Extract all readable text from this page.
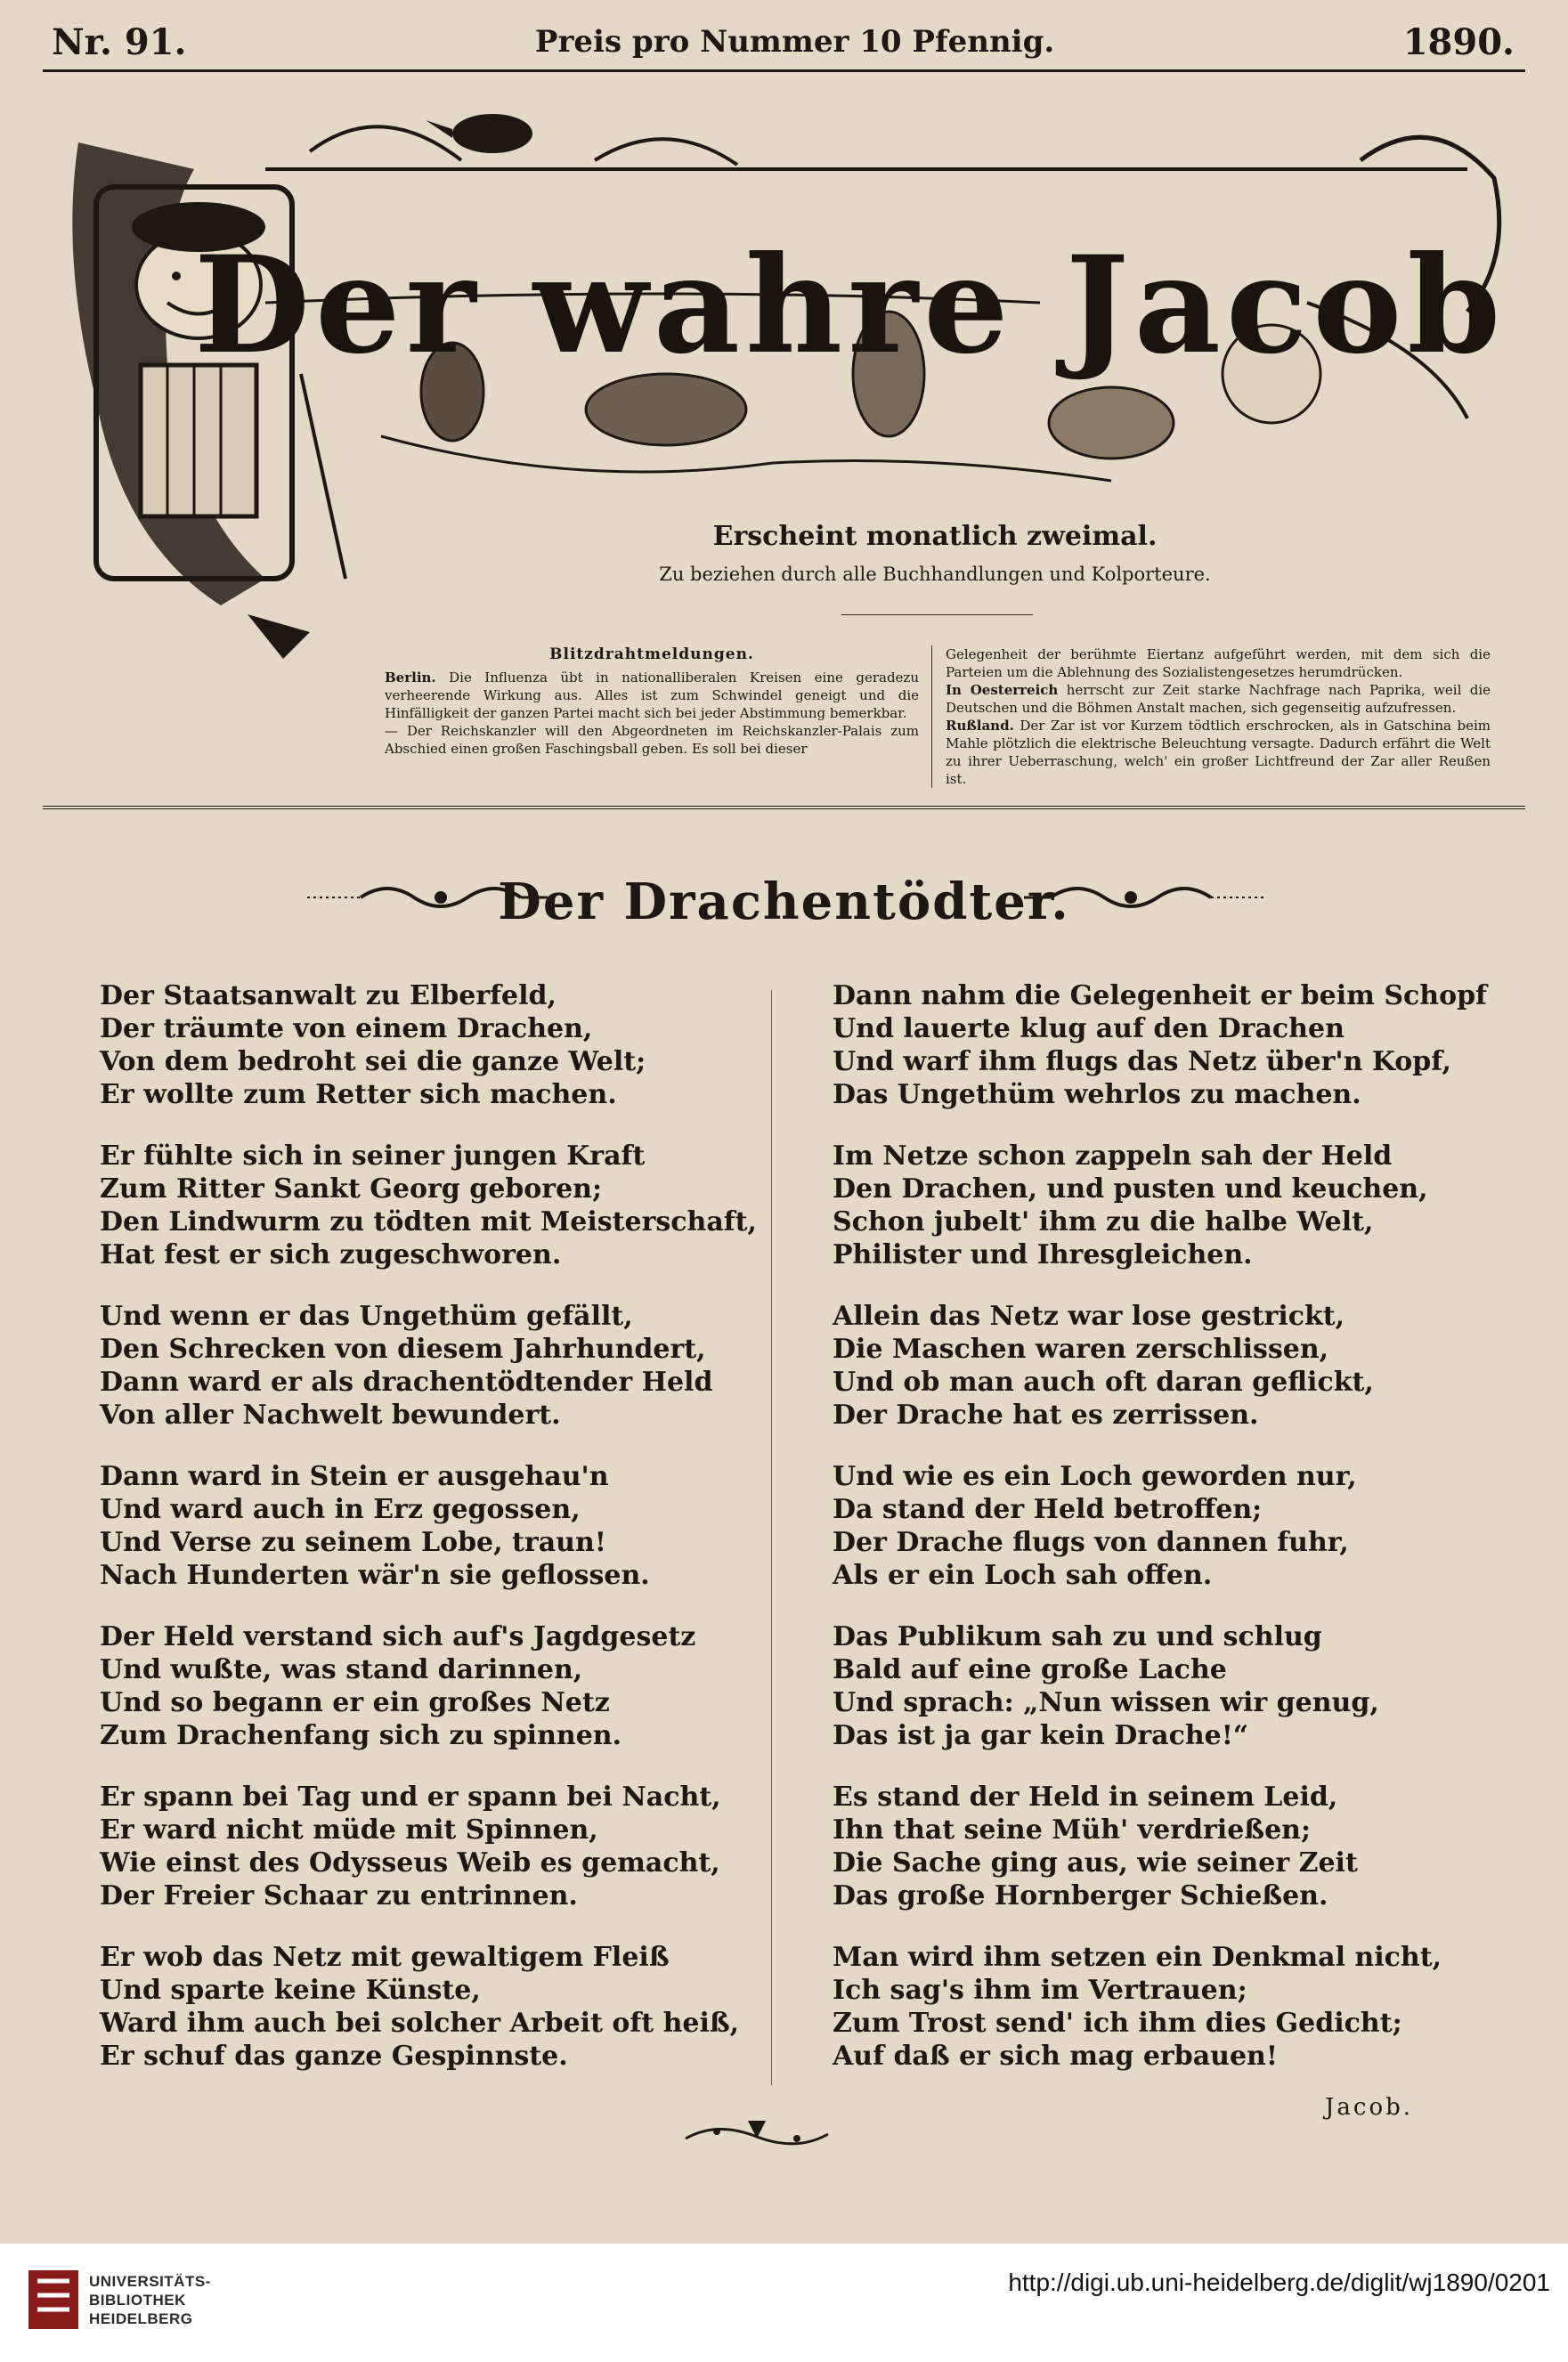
Nr. 91.	Preis pro Nummer 10 Pfennig.	1890.
Der wahre Jacob
Erscheint monatlich zweimal.
Zu beziehen durch alle Buchhandlungen und Kolporteure.
Blitzdrahtmeldungen.

Berlin. Die Influenza übt in nationalliberalen Kreisen eine geradezu verheerende Wirkung aus. Alles ist zum Schwindel geneigt und die Hinfälligkeit der ganzen Partei macht sich bei jeder Abstimmung bemerkbar.

— Der Reichskanzler will den Abgeordneten im Reichskanzler-Palais zum Abschied einen großen Faschingsball geben. Es soll bei dieser

Gelegenheit der berühmte Eiertanz aufgeführt werden, mit dem sich die Parteien um die Ablehnung des Sozialistengesetzes herumdrücken.

In Oesterreich herrscht zur Zeit starke Nachfrage nach Paprika, weil die Deutschen und die Böhmen Anstalt machen, sich gegenseitig aufzufressen.

Rußland. Der Zar ist vor Kurzem tödtlich erschrocken, als in Gatschina beim Mahle plötzlich die elektrische Beleuchtung versagte. Dadurch erfährt die Welt zu ihrer Ueberraschung, welch' ein großer Lichtfreund der Zar aller Reußen ist.

Der Drachentödter.
Der Staatsanwalt zu Elberfeld,
Der träumte von einem Drachen,
Von dem bedroht sei die ganze Welt;
Er wollte zum Retter sich machen.
Er fühlte sich in seiner jungen Kraft
Zum Ritter Sankt Georg geboren;
Den Lindwurm zu tödten mit Meisterschaft,
Hat fest er sich zugeschworen.
Und wenn er das Ungethüm gefällt,
Den Schrecken von diesem Jahrhundert,
Dann ward er als drachentödtender Held
Von aller Nachwelt bewundert.
Dann ward in Stein er ausgehau'n
Und ward auch in Erz gegossen,
Und Verse zu seinem Lobe, traun!
Nach Hunderten wär'n sie geflossen.
Der Held verstand sich auf's Jagdgesetz
Und wußte, was stand darinnen,
Und so begann er ein großes Netz
Zum Drachenfang sich zu spinnen.
Er spann bei Tag und er spann bei Nacht,
Er ward nicht müde mit Spinnen,
Wie einst des Odysseus Weib es gemacht,
Der Freier Schaar zu entrinnen.
Er wob das Netz mit gewaltigem Fleiß
Und sparte keine Künste,
Ward ihm auch bei solcher Arbeit oft heiß,
Er schuf das ganze Gespinnste.
Dann nahm die Gelegenheit er beim Schopf
Und lauerte klug auf den Drachen
Und warf ihm flugs das Netz über'n Kopf,
Das Ungethüm wehrlos zu machen.
Im Netze schon zappeln sah der Held
Den Drachen, und pusten und keuchen,
Schon jubelt' ihm zu die halbe Welt,
Philister und Ihresgleichen.
Allein das Netz war lose gestrickt,
Die Maschen waren zerschlissen,
Und ob man auch oft daran geflickt,
Der Drache hat es zerrissen.
Und wie es ein Loch geworden nur,
Da stand der Held betroffen;
Der Drache flugs von dannen fuhr,
Als er ein Loch sah offen.
Das Publikum sah zu und schlug
Bald auf eine große Lache
Und sprach: „Nun wissen wir genug,
Das ist ja gar kein Drache!“
Es stand der Held in seinem Leid,
Ihn that seine Müh' verdrießen;
Die Sache ging aus, wie seiner Zeit
Das große Hornberger Schießen.
Man wird ihm setzen ein Denkmal nicht,
Ich sag's ihm im Vertrauen;
Zum Trost send' ich ihm dies Gedicht;
Auf daß er sich mag erbauen!
Jacob.
UNIVERSITÄTS-
BIBLIOTHEK
HEIDELBERG
http://digi.ub.uni-heidelberg.de/diglit/wj1890/0201
